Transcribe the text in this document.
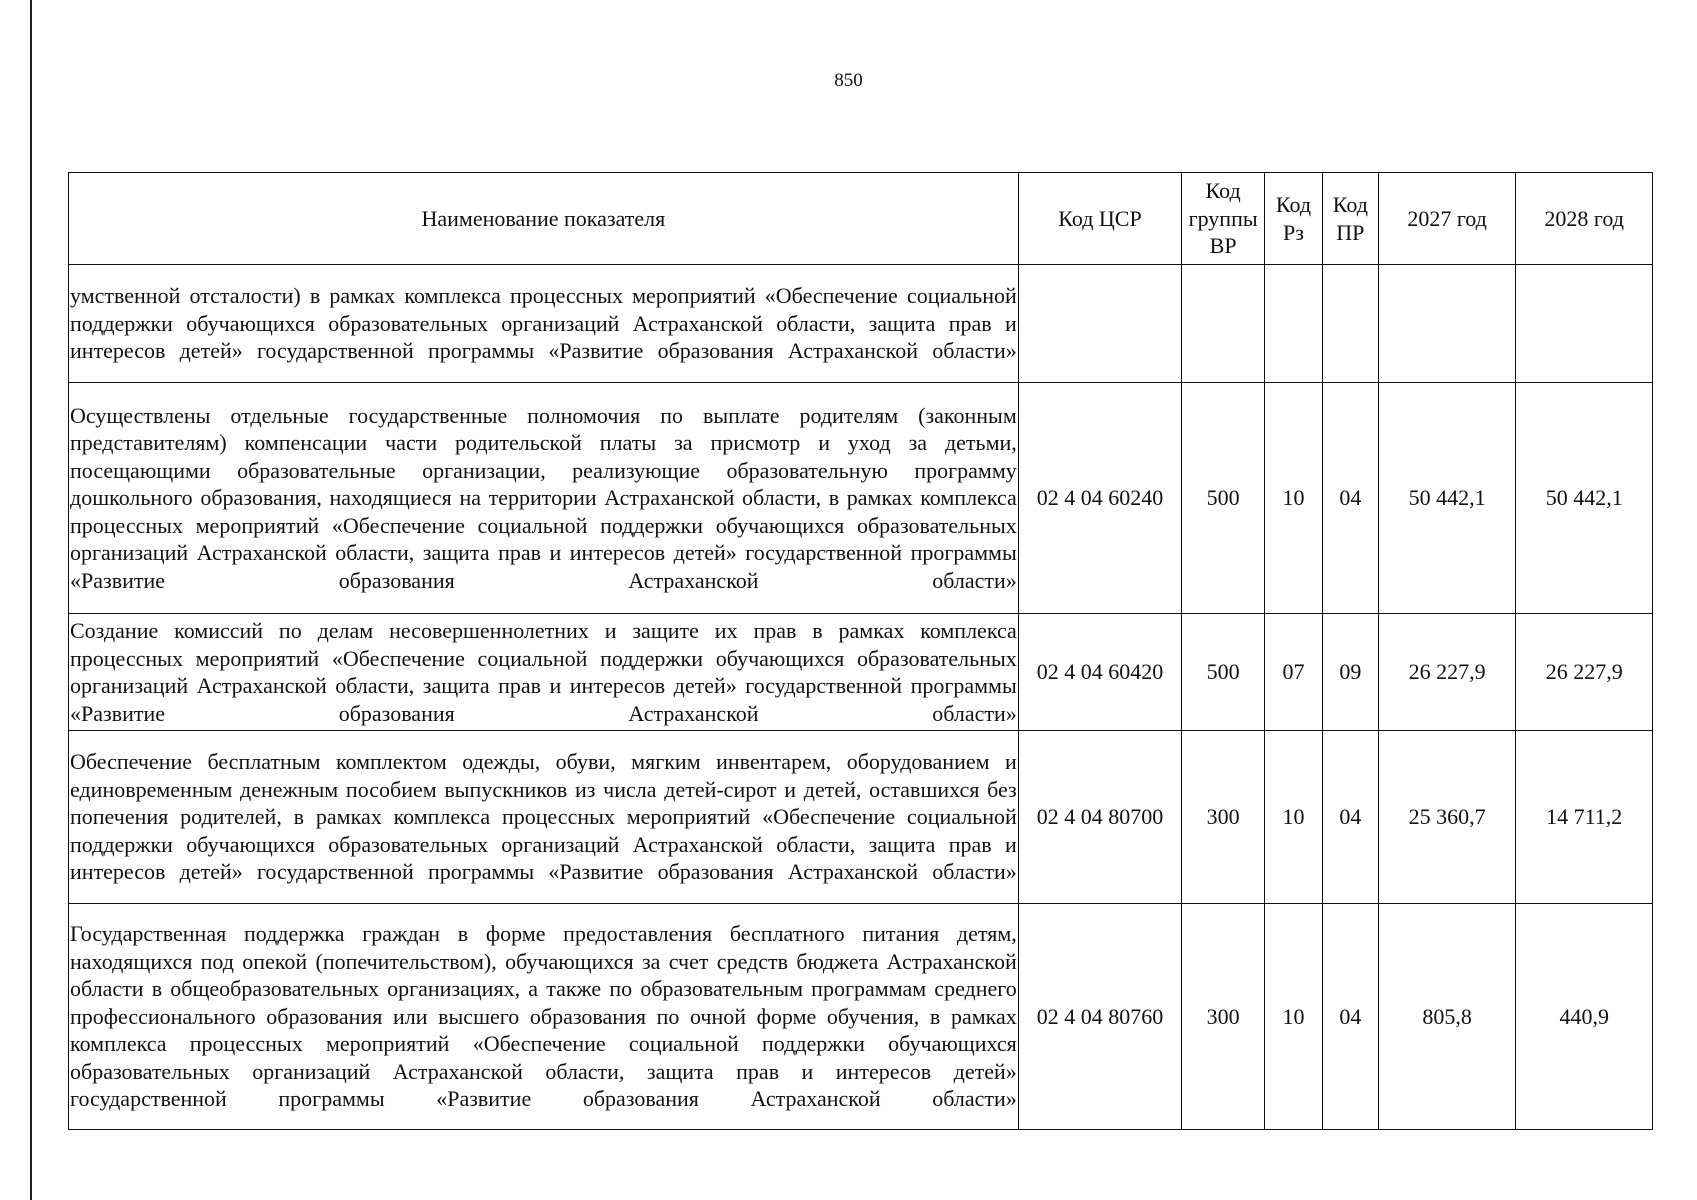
850
Наименование показателя	Код ЦСР	Код группы ВР	Код Рз	Код ПР	2027 год	2028 год
умственной отсталости) в рамках комплекса процессных мероприятий «Обеспечение социальной поддержки обучающихся образовательных организаций Астраханской области, защита прав и интересов детей» государственной программы «Развитие образования Астраханской области»						
Осуществлены отдельные государственные полномочия по выплате родителям (законным представителям) компенсации части родительской платы за присмотр и уход за детьми, посещающими образовательные организации, реализующие образовательную программу дошкольного образования, находящиеся на территории Астраханской области, в рамках комплекса процессных мероприятий «Обеспечение социальной поддержки обучающихся образовательных организаций Астраханской области, защита прав и интересов детей» государственной программы «Развитие образования Астраханской области»	02 4 04 60240	500	10	04	50 442,1	50 442,1
Создание комиссий по делам несовершеннолетних и защите их прав в рамках комплекса процессных мероприятий «Обеспечение социальной поддержки обучающихся образовательных организаций Астраханской области, защита прав и интересов детей» государственной программы «Развитие образования Астраханской области»	02 4 04 60420	500	07	09	26 227,9	26 227,9
Обеспечение бесплатным комплектом одежды, обуви, мягким инвентарем, оборудованием и единовременным денежным пособием выпускников из числа детей-сирот и детей, оставшихся без попечения родителей, в рамках комплекса процессных мероприятий «Обеспечение социальной поддержки обучающихся образовательных организаций Астраханской области, защита прав и интересов детей» государственной программы «Развитие образования Астраханской области»	02 4 04 80700	300	10	04	25 360,7	14 711,2
Государственная поддержка граждан в форме предоставления бесплатного питания детям, находящихся под опекой (попечительством), обучающихся за счет средств бюджета Астраханской области в общеобразовательных организациях, а также по образовательным программам среднего профессионального образования или высшего образования по очной форме обучения, в рамках комплекса процессных мероприятий «Обеспечение социальной поддержки обучающихся образовательных организаций Астраханской области, защита прав и интересов детей» государственной программы «Развитие образования Астраханской области»	02 4 04 80760	300	10	04	805,8	440,9
